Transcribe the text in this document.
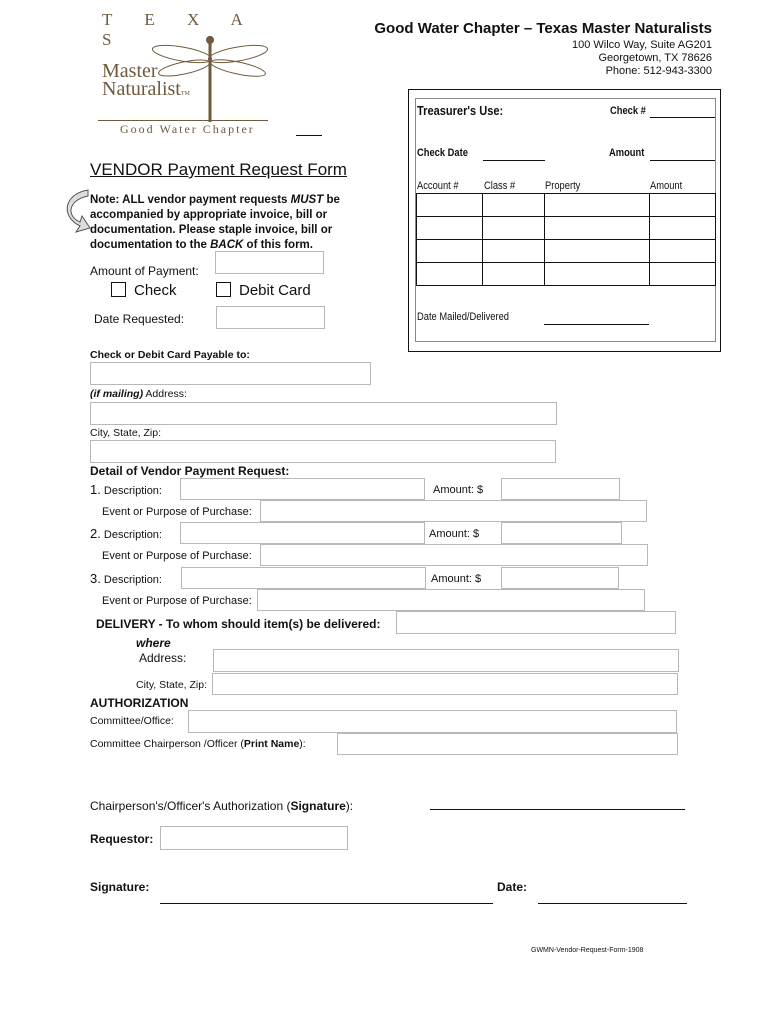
T E X A S
Master
NaturalistTM
Good Water Chapter
Good Water Chapter – Texas Master Naturalists
100 Wilco Way, Suite AG201
Georgetown, TX 78626
Phone: 512-943-3300
VENDOR Payment Request Form
Note: ALL vendor payment requests MUST be
accompanied by appropriate invoice, bill or
documentation. Please staple invoice, bill or
documentation to the BACK of this form.
Amount of Payment:
Check	Debit Card
Date Requested:
Treasurer's Use:	Check #
Check Date	Amount
Account # Class #	Property	Amount

Date Mailed/Delivered
Check or Debit Card Payable to:
(if mailing) Address:
City, State, Zip:
Detail of Vendor Payment Request:
1. Description:	Amount: $
Event or Purpose of Purchase:
2. Description:	Amount: $
Event or Purpose of Purchase:
3. Description:	Amount: $
Event or Purpose of Purchase:
DELIVERY - To whom should item(s) be delivered:
where
Address:
City, State, Zip:
AUTHORIZATION
Committee/Office:
Committee Chairperson /Officer (Print Name):
Chairperson's/Officer's Authorization (Signature):
Requestor:
Signature:	Date:
GWMN-Vendor-Request-Form-1908
